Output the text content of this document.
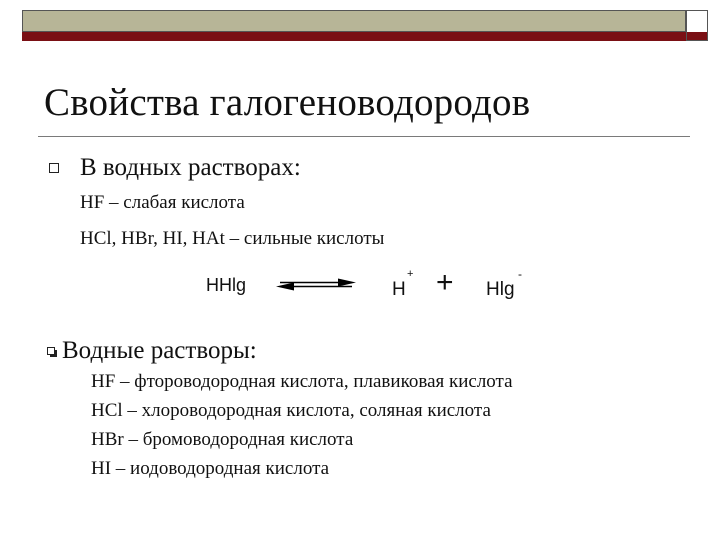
Свойства галогеноводородов
В водных растворах:
HF – слабая кислота
HCl, HBr, HI, HAt – сильные кислоты
HHlg	H
+ + Hlg
-
Водные растворы:
HF – фтороводородная кислота, плавиковая кислота
HCl – хлороводородная кислота, соляная кислота
HBr – бромоводородная кислота
HI – иодоводородная кислота
